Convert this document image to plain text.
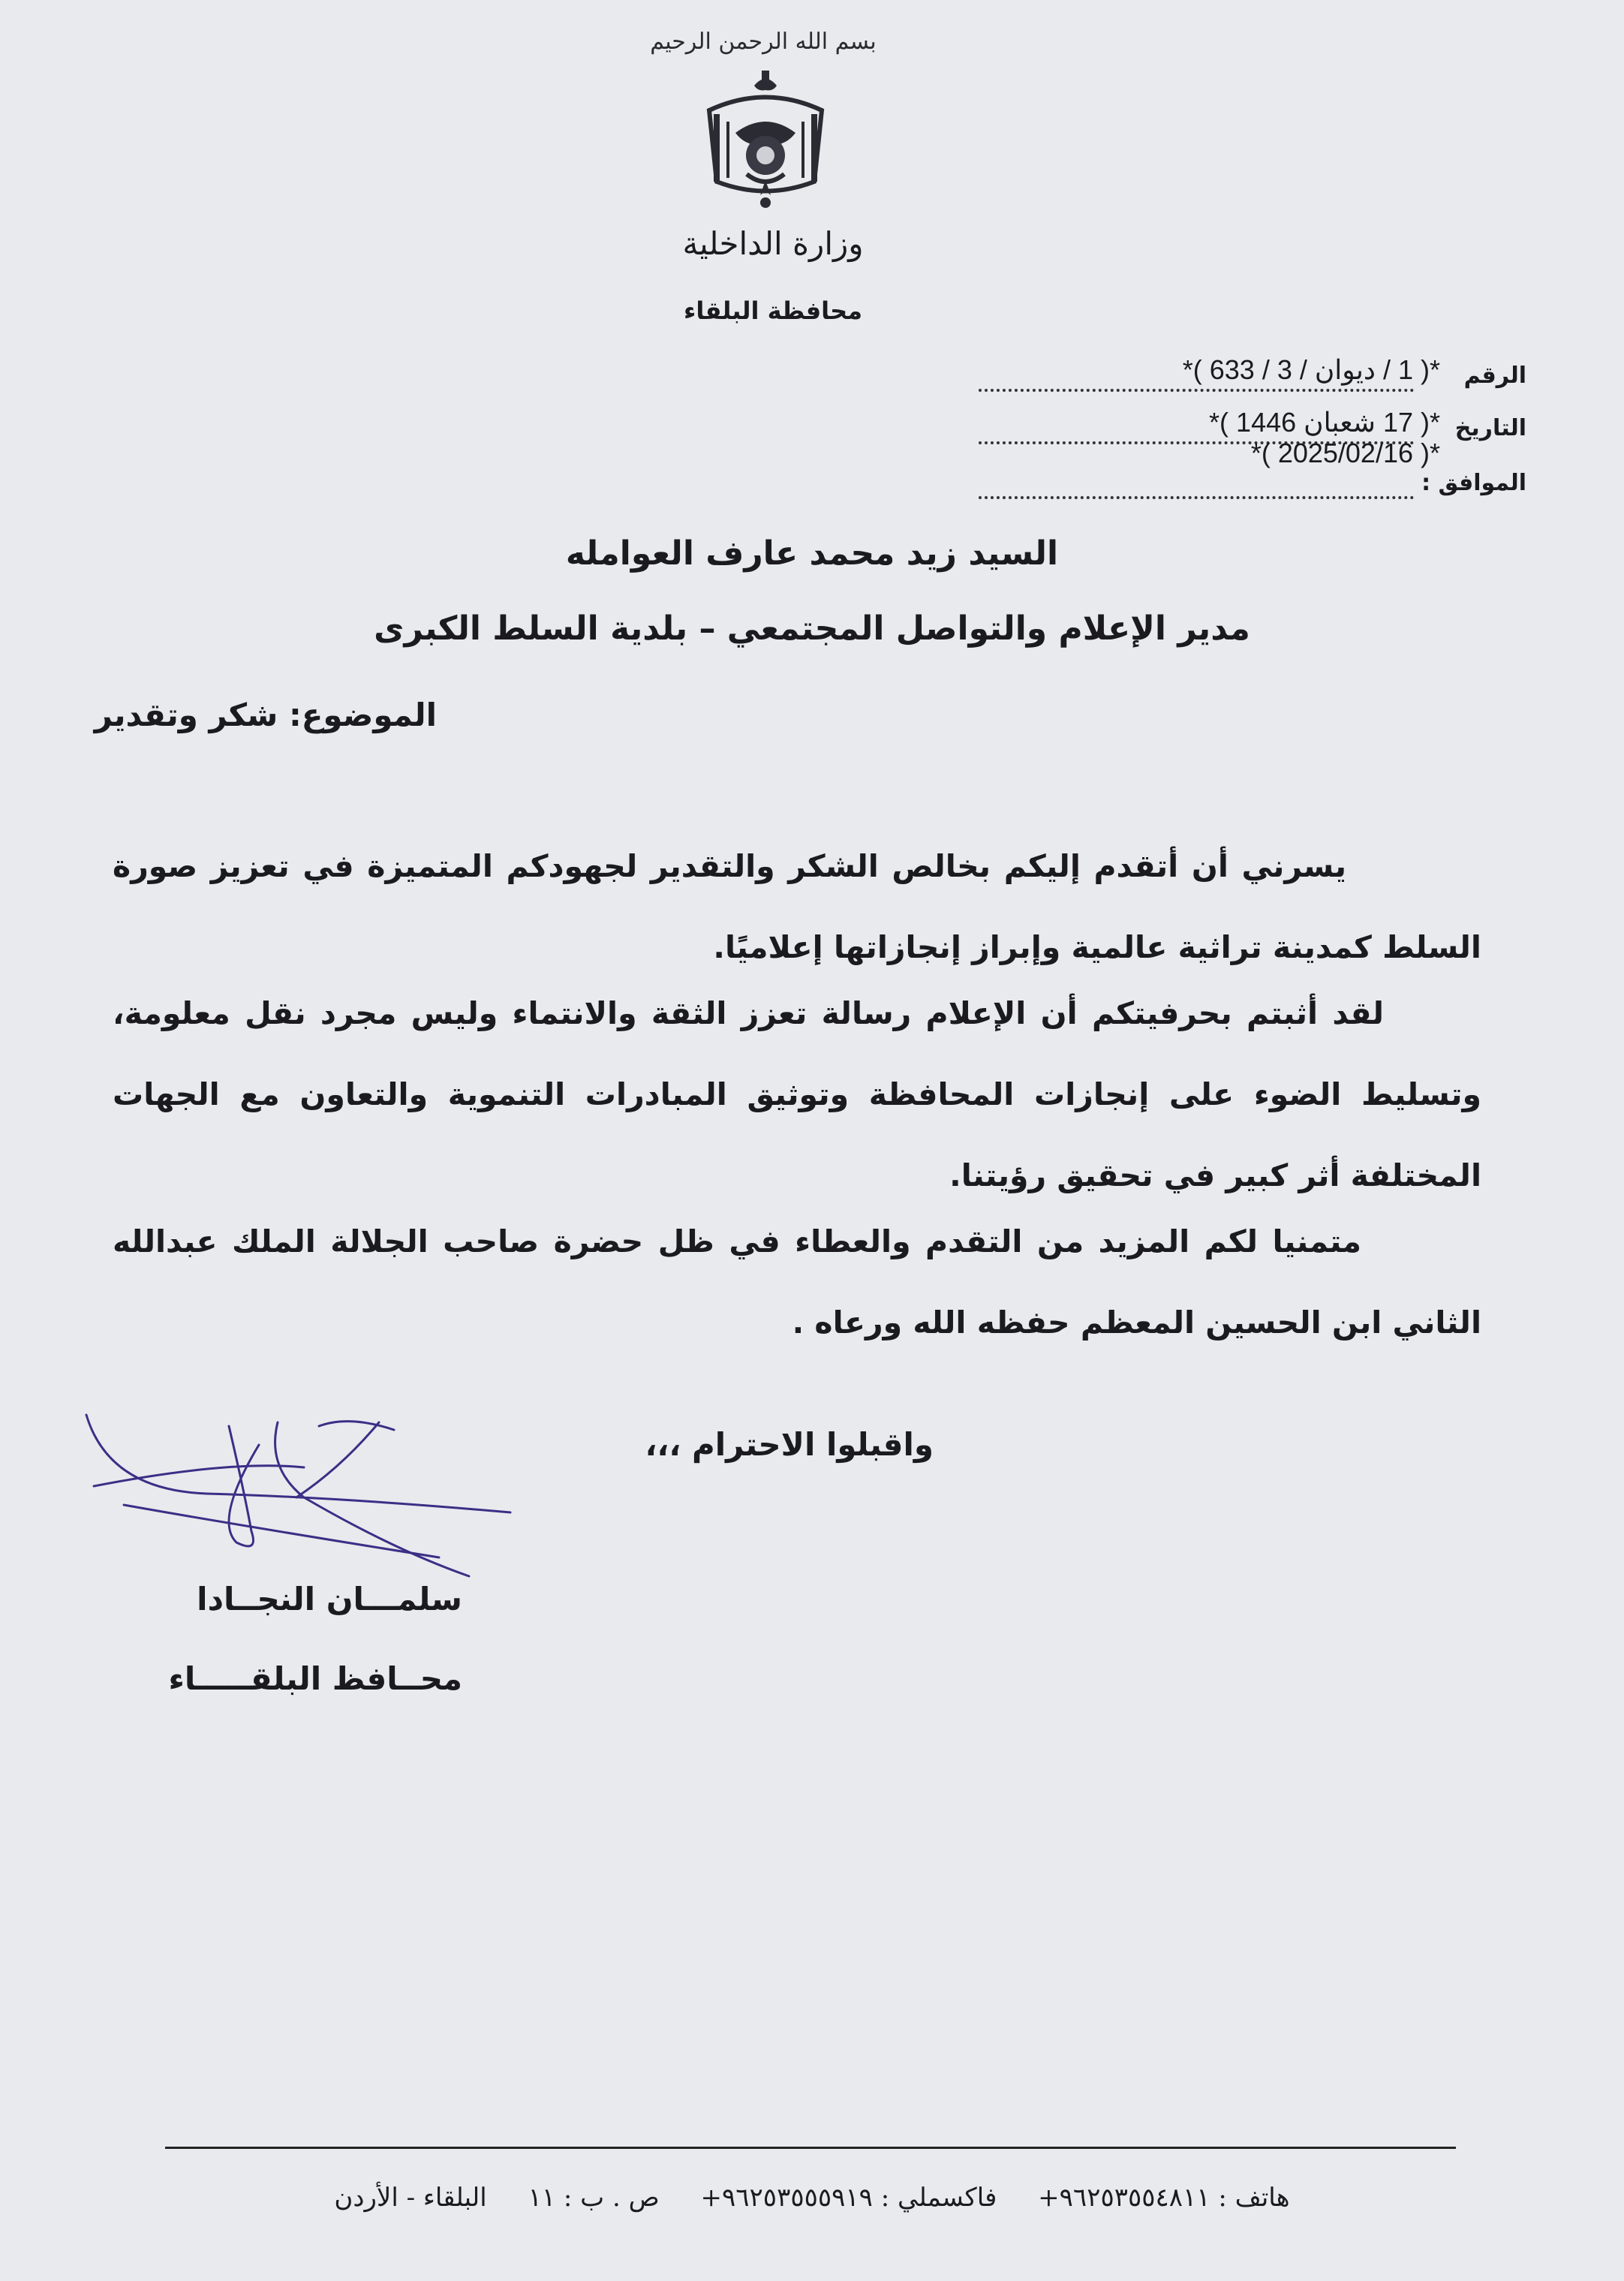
بسم الله الرحمن الرحيم
وزارة الداخلية
محافظة البلقاء
الرقم
*( 1 / ديوان / 3 / 633 )*
التاريخ
*( 17 شعبان 1446 )*
الموافق :
*( 2025/02/16 )*
السيد زيد محمد عارف العوامله
مدير الإعلام والتواصل المجتمعي – بلدية السلط الكبرى
الموضوع: شكر وتقدير
يسرني أن أتقدم إليكم بخالص الشكر والتقدير لجهودكم المتميزة في تعزيز صورة السلط كمدينة تراثية عالمية وإبراز إنجازاتها إعلاميًا.
لقد أثبتم بحرفيتكم أن الإعلام رسالة تعزز الثقة والانتماء وليس مجرد نقل معلومة، وتسليط الضوء على إنجازات المحافظة وتوثيق المبادرات التنموية والتعاون مع الجهات المختلفة أثر كبير في تحقيق رؤيتنا.
متمنيا لكم المزيد من التقدم والعطاء في ظل حضرة صاحب الجلالة الملك عبدالله الثاني ابن الحسين المعظم حفظه الله ورعاه .
واقبلوا الاحترام ،،،
سلمـــان النجــادا
محــافظ البلقـــــاء
هاتف : ٩٦٢٥٣٥٥٤٨١١+ فاكسملي : ٩٦٢٥٣٥٥٥٩١٩+ ص . ب : ١١ البلقاء - الأردن
